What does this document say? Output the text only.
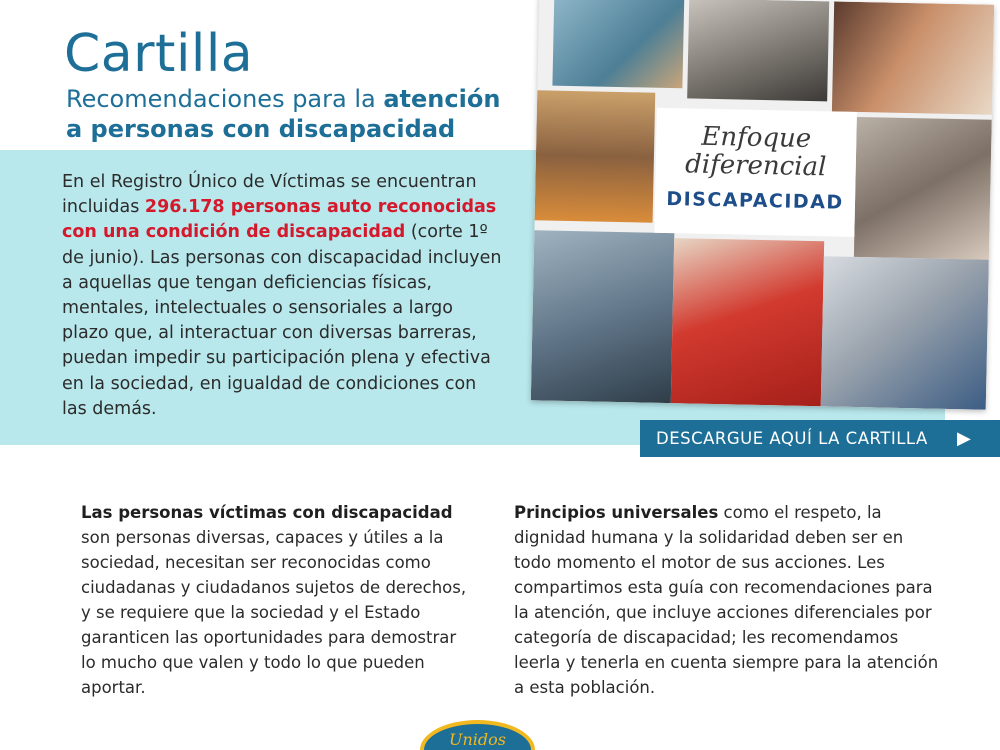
Cartilla
Recomendaciones para la atención
a personas con discapacidad
En el Registro Único de Víctimas se encuentran incluidas 296.178 personas auto reconocidas con una condición de discapacidad (corte 1º de junio). Las personas con discapacidad incluyen a aquellas que tengan deficiencias físicas, mentales, intelectuales o sensoriales a largo plazo que, al interactuar con diversas barreras, puedan impedir su participación plena y efectiva en la sociedad, en igualdad de condiciones con las demás.
Enfoque
diferencial
DISCAPACIDAD
DESCARGUE AQUÍ LA CARTILLA ▶
Las personas víctimas con discapacidad son personas diversas, capaces y útiles a la sociedad, necesitan ser reconocidas como ciudadanas y ciudadanos sujetos de derechos, y se requiere que la sociedad y el Estado garanticen las oportunidades para demostrar lo mucho que valen y todo lo que pueden aportar.
Principios universales como el respeto, la dignidad humana y la solidaridad deben ser en todo momento el motor de sus acciones. Les compartimos esta guía con recomendaciones para la atención, que incluye acciones diferenciales por categoría de discapacidad; les recomendamos leerla y tenerla en cuenta siempre para la atención a esta población.
Unidos
